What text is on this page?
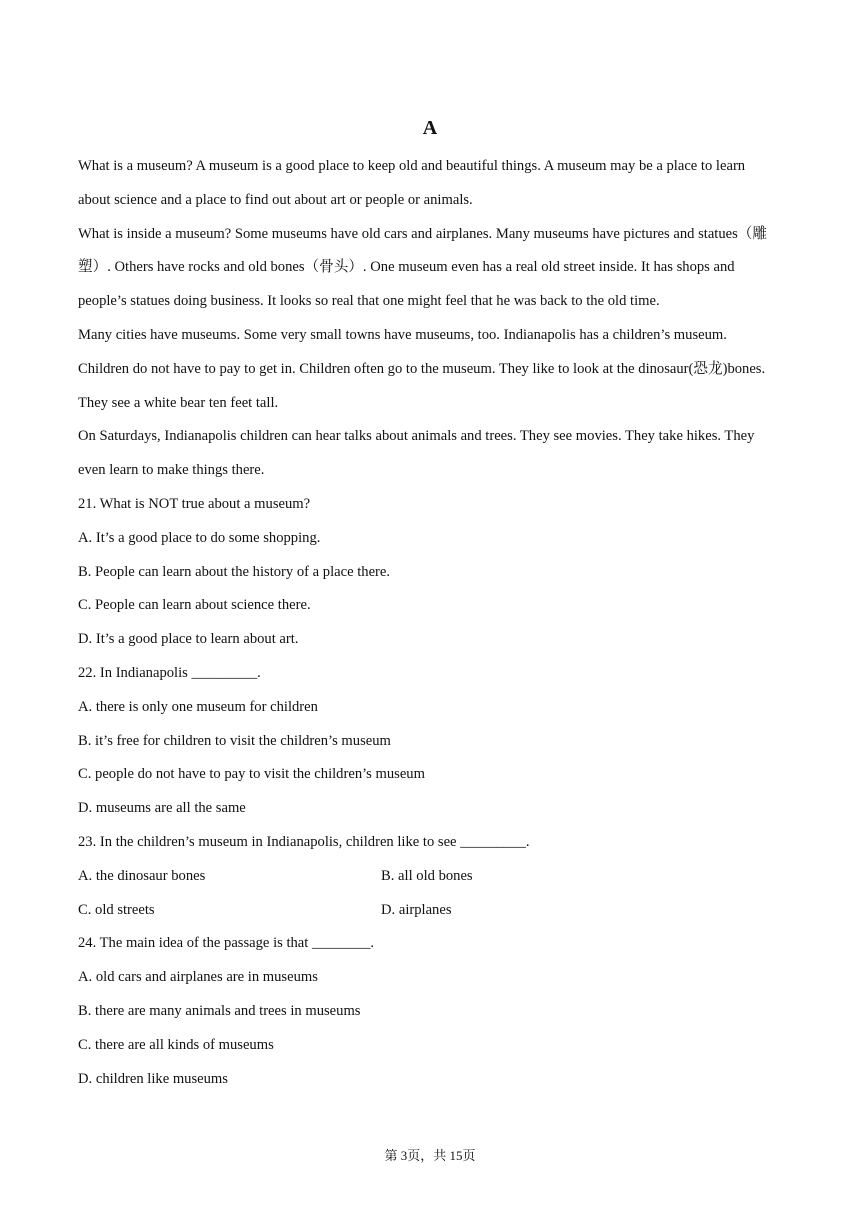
A
What is a museum? A museum is a good place to keep old and beautiful things. A museum may be a place to learn
about science and a place to find out about art or people or animals.
What is inside a museum? Some museums have old cars and airplanes. Many museums have pictures and statues（雕
塑）. Others have rocks and old bones（骨头）. One museum even has a real old street inside. It has shops and
people’s statues doing business. It looks so real that one might feel that he was back to the old time.
Many cities have museums. Some very small towns have museums, too. Indianapolis has a children’s museum.
Children do not have to pay to get in. Children often go to the museum. They like to look at the dinosaur(恐龙)bones.
They see a white bear ten feet tall.
On Saturdays, Indianapolis children can hear talks about animals and trees. They see movies. They take hikes. They
even learn to make things there.
21. What is NOT true about a museum?
A. It’s a good place to do some shopping.
B. People can learn about the history of a place there.
C. People can learn about science there.
D. It’s a good place to learn about art.
22. In Indianapolis _________.
A. there is only one museum for children
B. it’s free for children to visit the children’s museum
C. people do not have to pay to visit the children’s museum
D. museums are all the same
23. In the children’s museum in Indianapolis, children like to see _________.
A. the dinosaur bones	B. all old bones
C. old streets	D. airplanes
24. The main idea of the passage is that ________.
A. old cars and airplanes are in museums
B. there are many animals and trees in museums
C. there are all kinds of museums
D. children like museums
第 3页，共 15页
